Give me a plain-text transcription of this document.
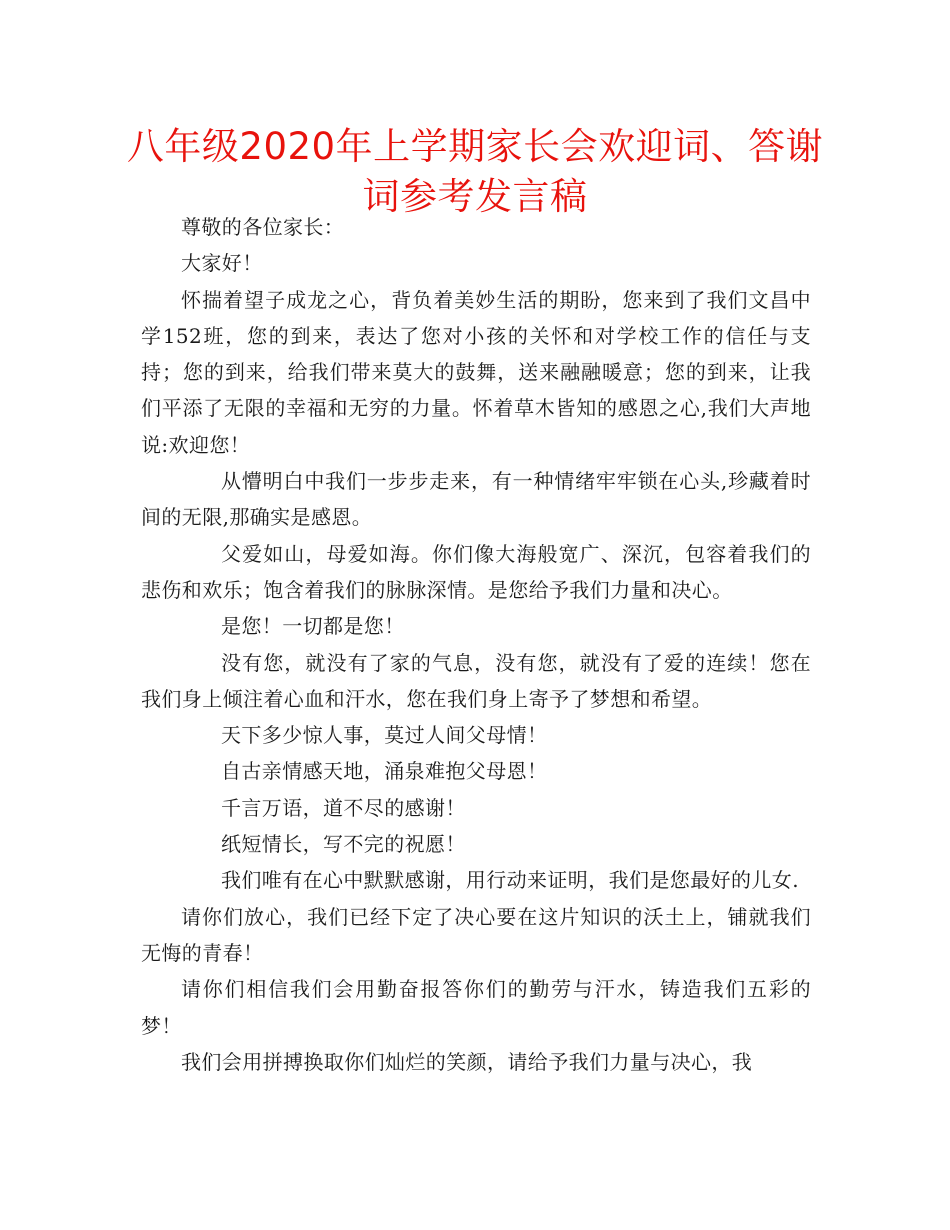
八年级2020年上学期家长会欢迎词、答谢词参考发言稿

尊敬的各位家长：

大家好！

怀揣着望子成龙之心，背负着美妙生活的期盼，您来到了我们文昌中学152班，您的到来，表达了您对小孩的关怀和对学校工作的信任与支持；您的到来，给我们带来莫大的鼓舞，送来融融暖意；您的到来，让我们平添了无限的幸福和无穷的力量。怀着草木皆知的感恩之心,我们大声地说:欢迎您！

从懵明白中我们一步步走来，有一种情绪牢牢锁在心头,珍藏着时间的无限,那确实是感恩。

父爱如山，母爱如海。你们像大海般宽广、深沉，包容着我们的悲伤和欢乐；饱含着我们的脉脉深情。是您给予我们力量和决心。

是您！一切都是您！

没有您，就没有了家的气息，没有您，就没有了爱的连续！您在我们身上倾注着心血和汗水，您在我们身上寄予了梦想和希望。

天下多少惊人事，莫过人间父母情！

自古亲情感天地，涌泉难抱父母恩！

千言万语，道不尽的感谢！

纸短情长，写不完的祝愿！

我们唯有在心中默默感谢，用行动来证明，我们是您最好的儿女.

请你们放心，我们已经下定了决心要在这片知识的沃土上，铺就我们无悔的青春！

请你们相信我们会用勤奋报答你们的勤劳与汗水，铸造我们五彩的梦！

我们会用拼搏换取你们灿烂的笑颜，请给予我们力量与决心，我
